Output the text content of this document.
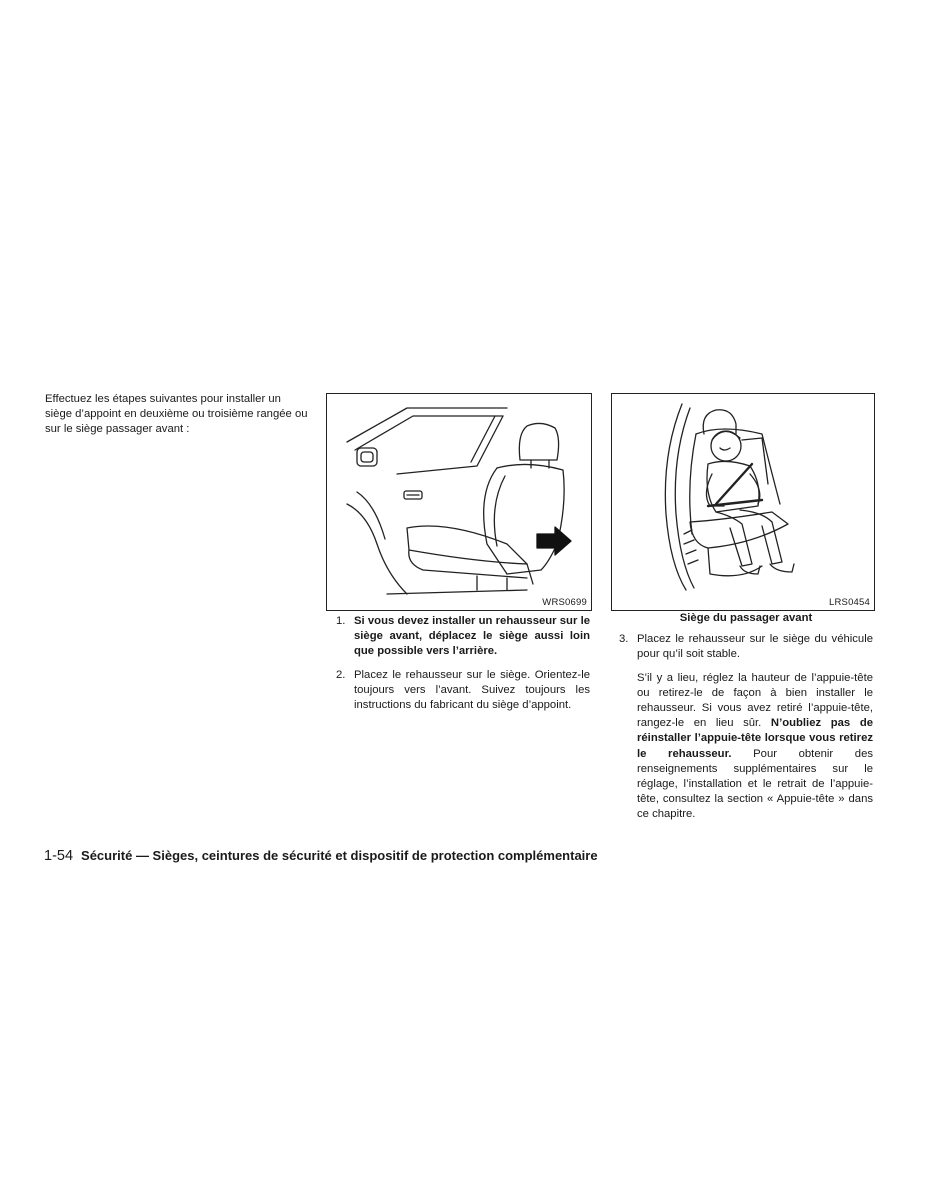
Effectuez les étapes suivantes pour installer un siège d’appoint en deuxième ou troisième rangée ou sur le siège passager avant :
WRS0699	LRS0454
1. Si vous devez installer un rehausseur sur le siège avant, déplacez le siège aussi loin que possible vers l’arrière.
2. Placez le rehausseur sur le siège. Orientez-le toujours vers l’avant. Suivez toujours les instructions du fabricant du siège d’appoint.
Siège du passager avant
3. Placez le rehausseur sur le siège du véhicule pour qu’il soit stable.
S’il y a lieu, réglez la hauteur de l’appuie-tête ou retirez-le de façon à bien installer le rehausseur. Si vous avez retiré l’appuie-tête, rangez-le en lieu sûr. N’oubliez pas de réinstaller l’appuie-tête lorsque vous retirez le rehausseur. Pour obtenir des renseignements supplémentaires sur le réglage, l’installation et le retrait de l’appuie-tête, consultez la section « Appuie-tête » dans ce chapitre.
1-54 Sécurité — Sièges, ceintures de sécurité et dispositif de protection complémentaire
